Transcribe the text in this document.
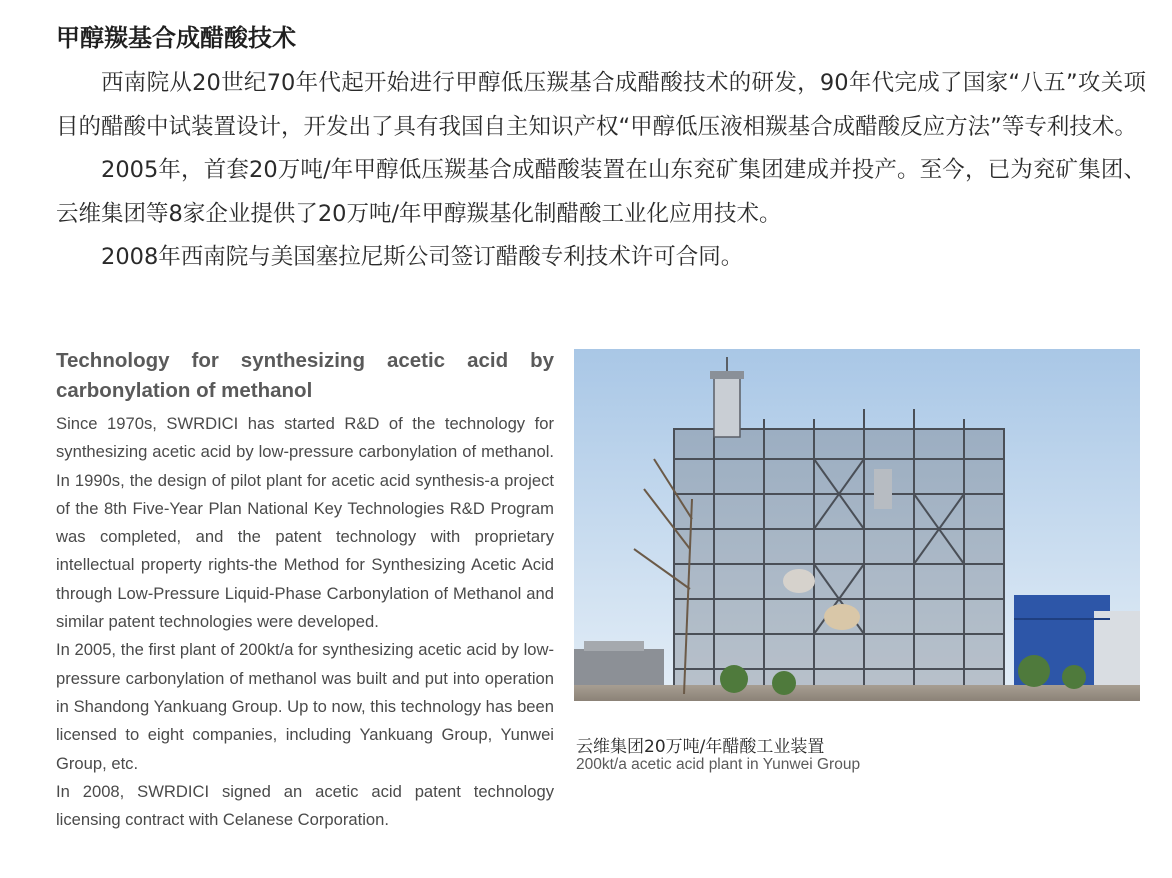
甲醇羰基合成醋酸技术

西南院从20世纪70年代起开始进行甲醇低压羰基合成醋酸技术的研发，90年代完成了国家“八五”攻关项目的醋酸中试装置设计，开发出了具有我国自主知识产权“甲醇低压液相羰基合成醋酸反应方法”等专利技术。

2005年，首套20万吨/年甲醇低压羰基合成醋酸装置在山东兖矿集团建成并投产。至今，已为兖矿集团、云维集团等8家企业提供了20万吨/年甲醇羰基化制醋酸工业化应用技术。

2008年西南院与美国塞拉尼斯公司签订醋酸专利技术许可合同。

Technology for synthesizing acetic acid by carbonylation of methanol

Since 1970s, SWRDICI has started R&D of the technology for synthesizing acetic acid by low-pressure carbonylation of methanol. In 1990s, the design of pilot plant for acetic acid synthesis-a project of the 8th Five-Year Plan National Key Technologies R&D Program was completed, and the patent technology with proprietary intellectual property rights-the Method for Synthesizing Acetic Acid through Low-Pressure Liquid-Phase Carbonylation of Methanol and similar patent technologies were developed.

In 2005, the first plant of 200kt/a for synthesizing acetic acid by low-pressure carbonylation of methanol was built and put into operation in Shandong Yankuang Group. Up to now, this technology has been licensed to eight companies, including Yankuang Group, Yunwei Group, etc.

In 2008, SWRDICI signed an acetic acid patent technology licensing contract with Celanese Corporation.

云维集团20万吨/年醋酸工业装置

200kt/a acetic acid plant in Yunwei Group
